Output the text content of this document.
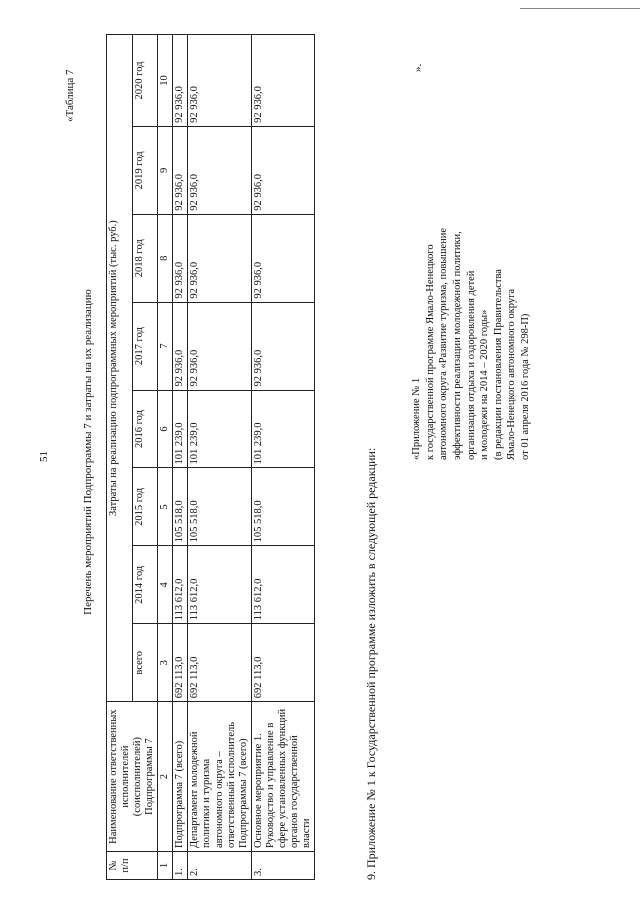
51
«Таблица 7
Перечень мероприятий Подпрограммы 7 и затраты на их реализацию
№ п/п	Наименование ответственных исполнителей (соисполнителей) Подпрограммы 7	Затраты на реализацию подпрограммных мероприятий (тыс. руб.)							
		всего	2014 год	2015 год	2016 год	2017 год	2018 год	2019 год	2020 год
1	2	3	4	5	6	7	8	9	10
1.	Подпрограмма 7 (всего)	692 113,0	113 612,0	105 518,0	101 239,0	92 936,0	92 936,0	92 936,0	92 936,0
2.	Департамент молодежной политики и туризма автономного округа – ответственный исполнитель Подпрограммы 7 (всего)	692 113,0	113 612,0	105 518,0	101 239,0	92 936,0	92 936,0	92 936,0	92 936,0
3.	Основное мероприятие 1. Руководство и управление в сфере установленных функций органов государственной власти	692 113,0	113 612,0	105 518,0	101 239,0	92 936,0	92 936,0	92 936,0	92 936,0
».
9. Приложение № 1 к Государственной программе изложить в следующей редакции:
«Приложение № 1 к государственной программе Ямало-Ненецкого автономного округа «Развитие туризма, повышение эффективности реализации молодежной политики, организация отдыха и оздоровления детей и молодежи на 2014 – 2020 годы» (в редакции постановления Правительства Ямало-Ненецкого автономного округа от 01 апреля 2016 года № 298-П)
